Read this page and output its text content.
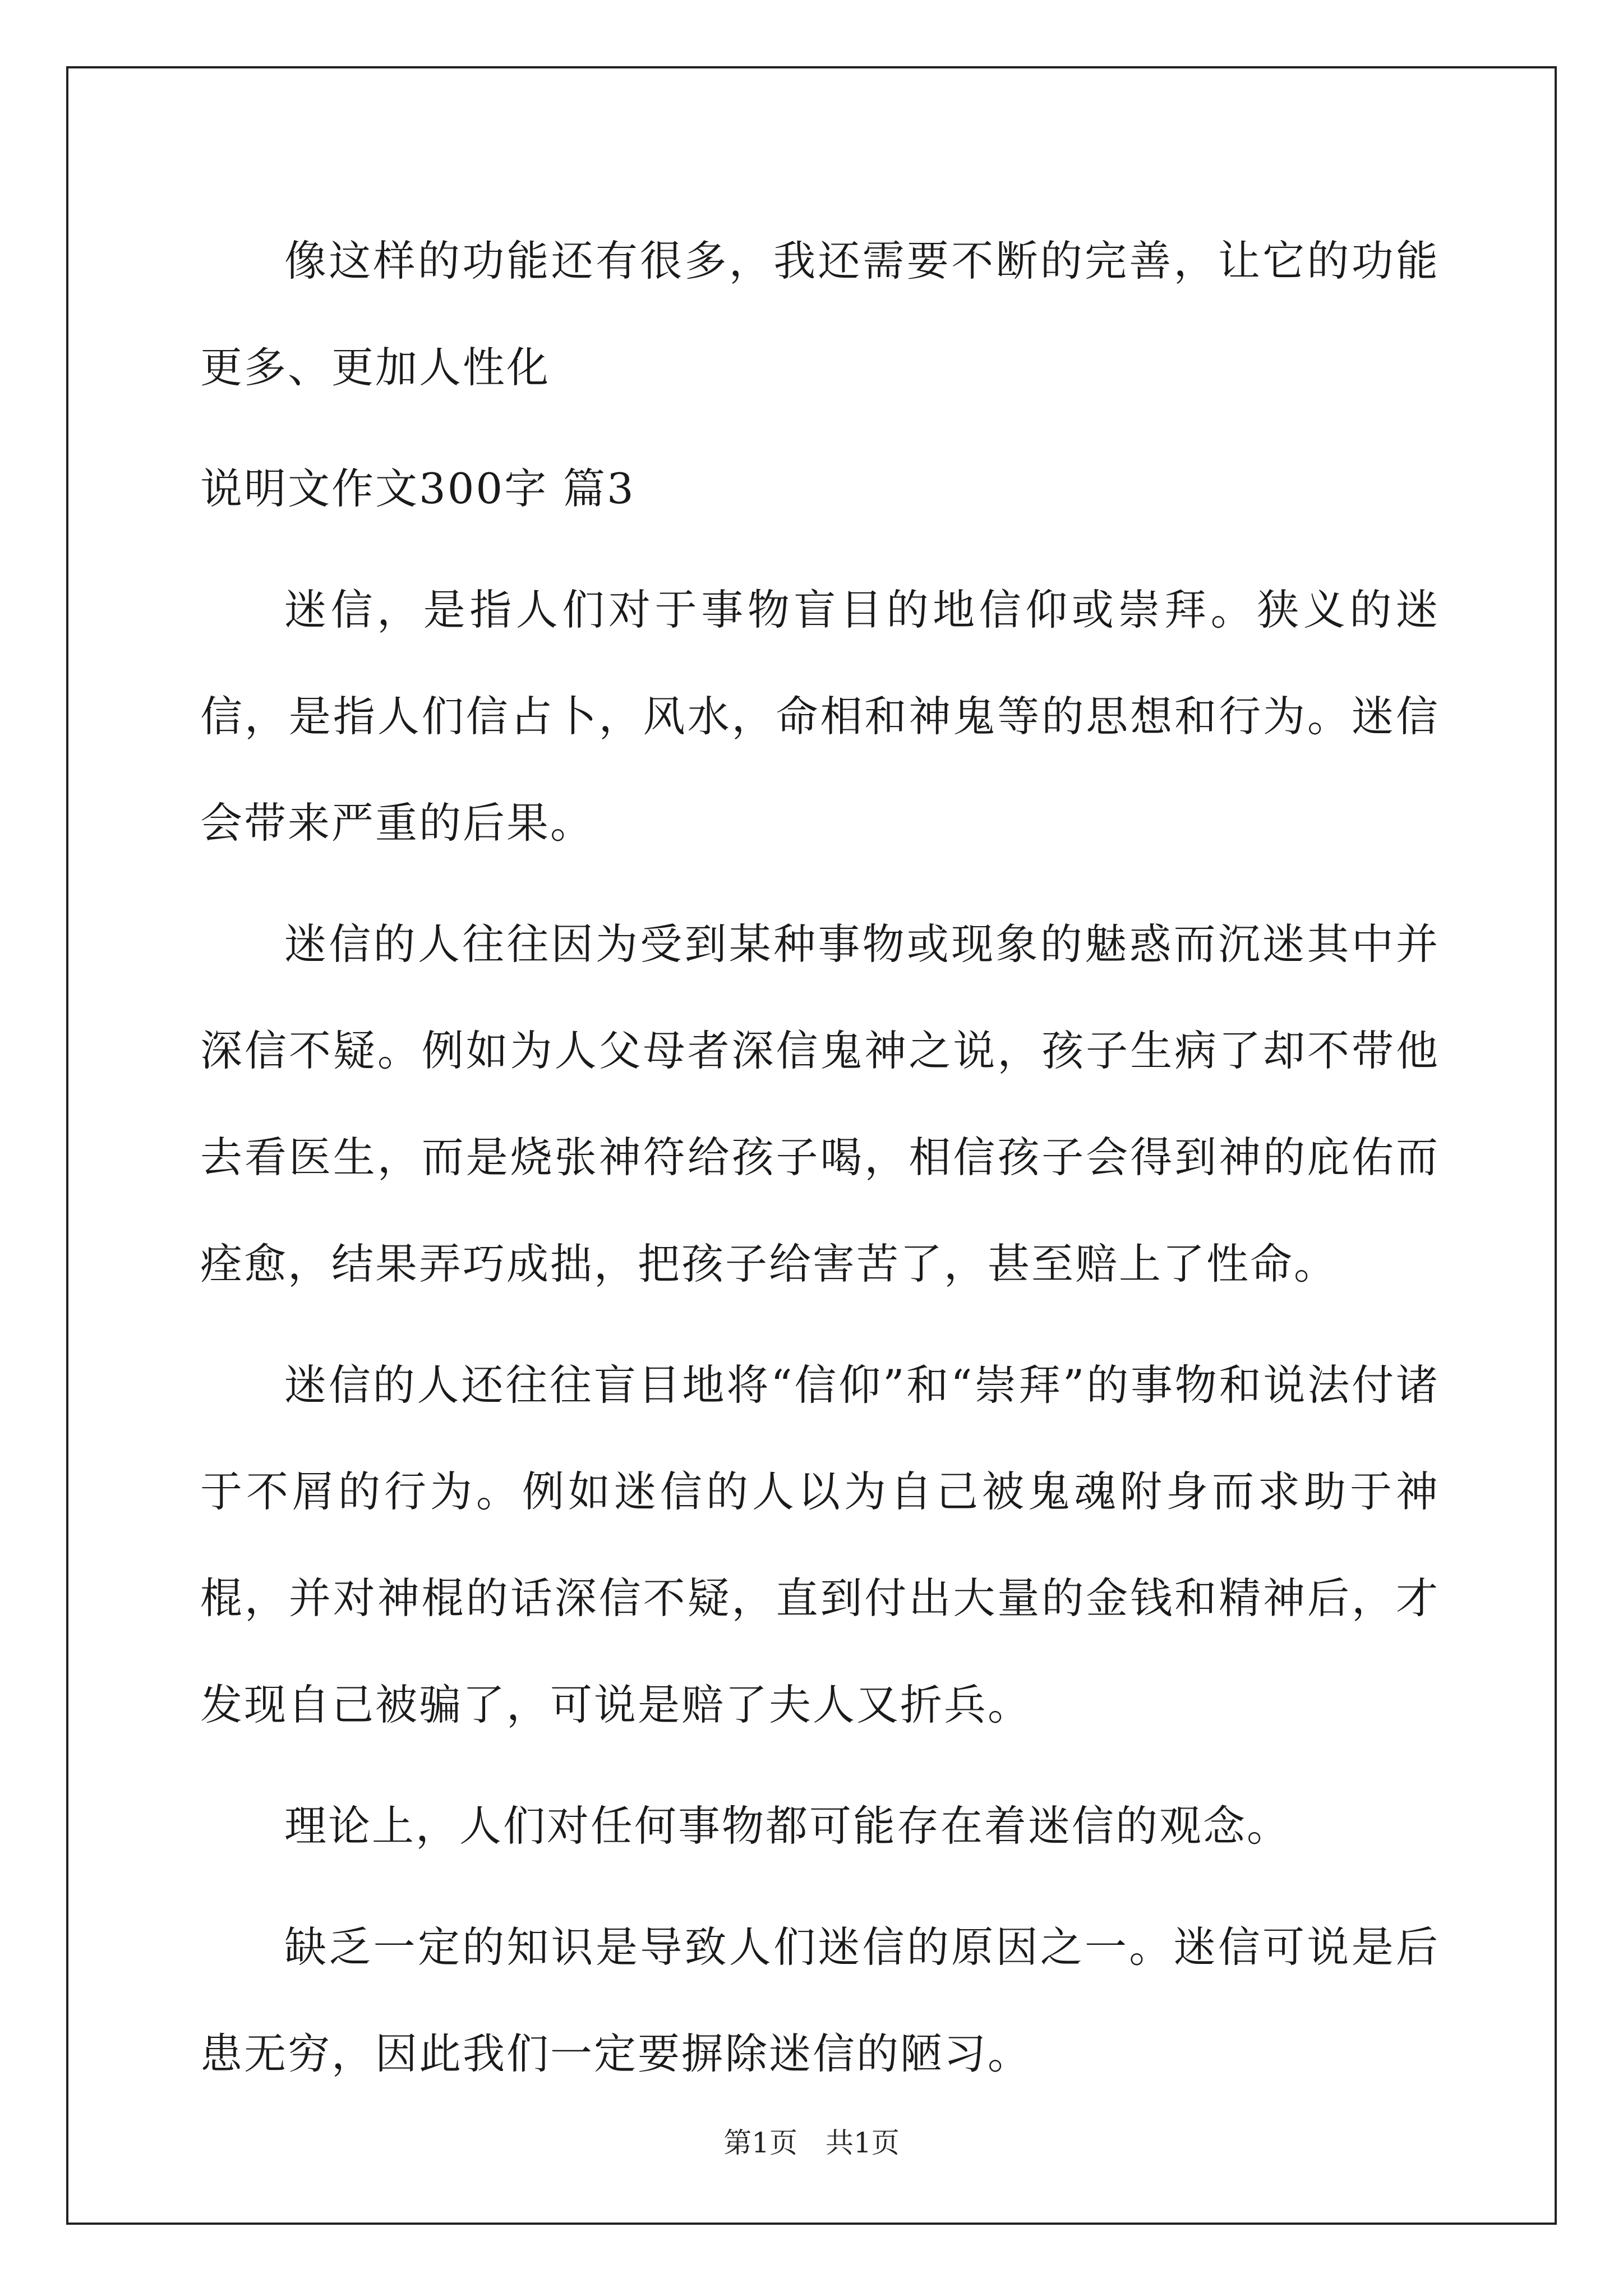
像这样的功能还有很多，我还需要不断的完善，让它的功能更多、更加人性化

说明文作文300字 篇3

迷信，是指人们对于事物盲目的地信仰或崇拜。狭义的迷信，是指人们信占卜，风水，命相和神鬼等的思想和行为。迷信会带来严重的后果。

迷信的人往往因为受到某种事物或现象的魅惑而沉迷其中并深信不疑。例如为人父母者深信鬼神之说，孩子生病了却不带他去看医生，而是烧张神符给孩子喝，相信孩子会得到神的庇佑而痊愈，结果弄巧成拙，把孩子给害苦了，甚至赔上了性命。

迷信的人还往往盲目地将“信仰”和“崇拜”的事物和说法付诸于不屑的行为。例如迷信的人以为自己被鬼魂附身而求助于神棍，并对神棍的话深信不疑，直到付出大量的金钱和精神后，才发现自己被骗了，可说是赔了夫人又折兵。

理论上，人们对任何事物都可能存在着迷信的观念。

缺乏一定的知识是导致人们迷信的原因之一。迷信可说是后患无穷，因此我们一定要摒除迷信的陋习。

第1页 共1页
